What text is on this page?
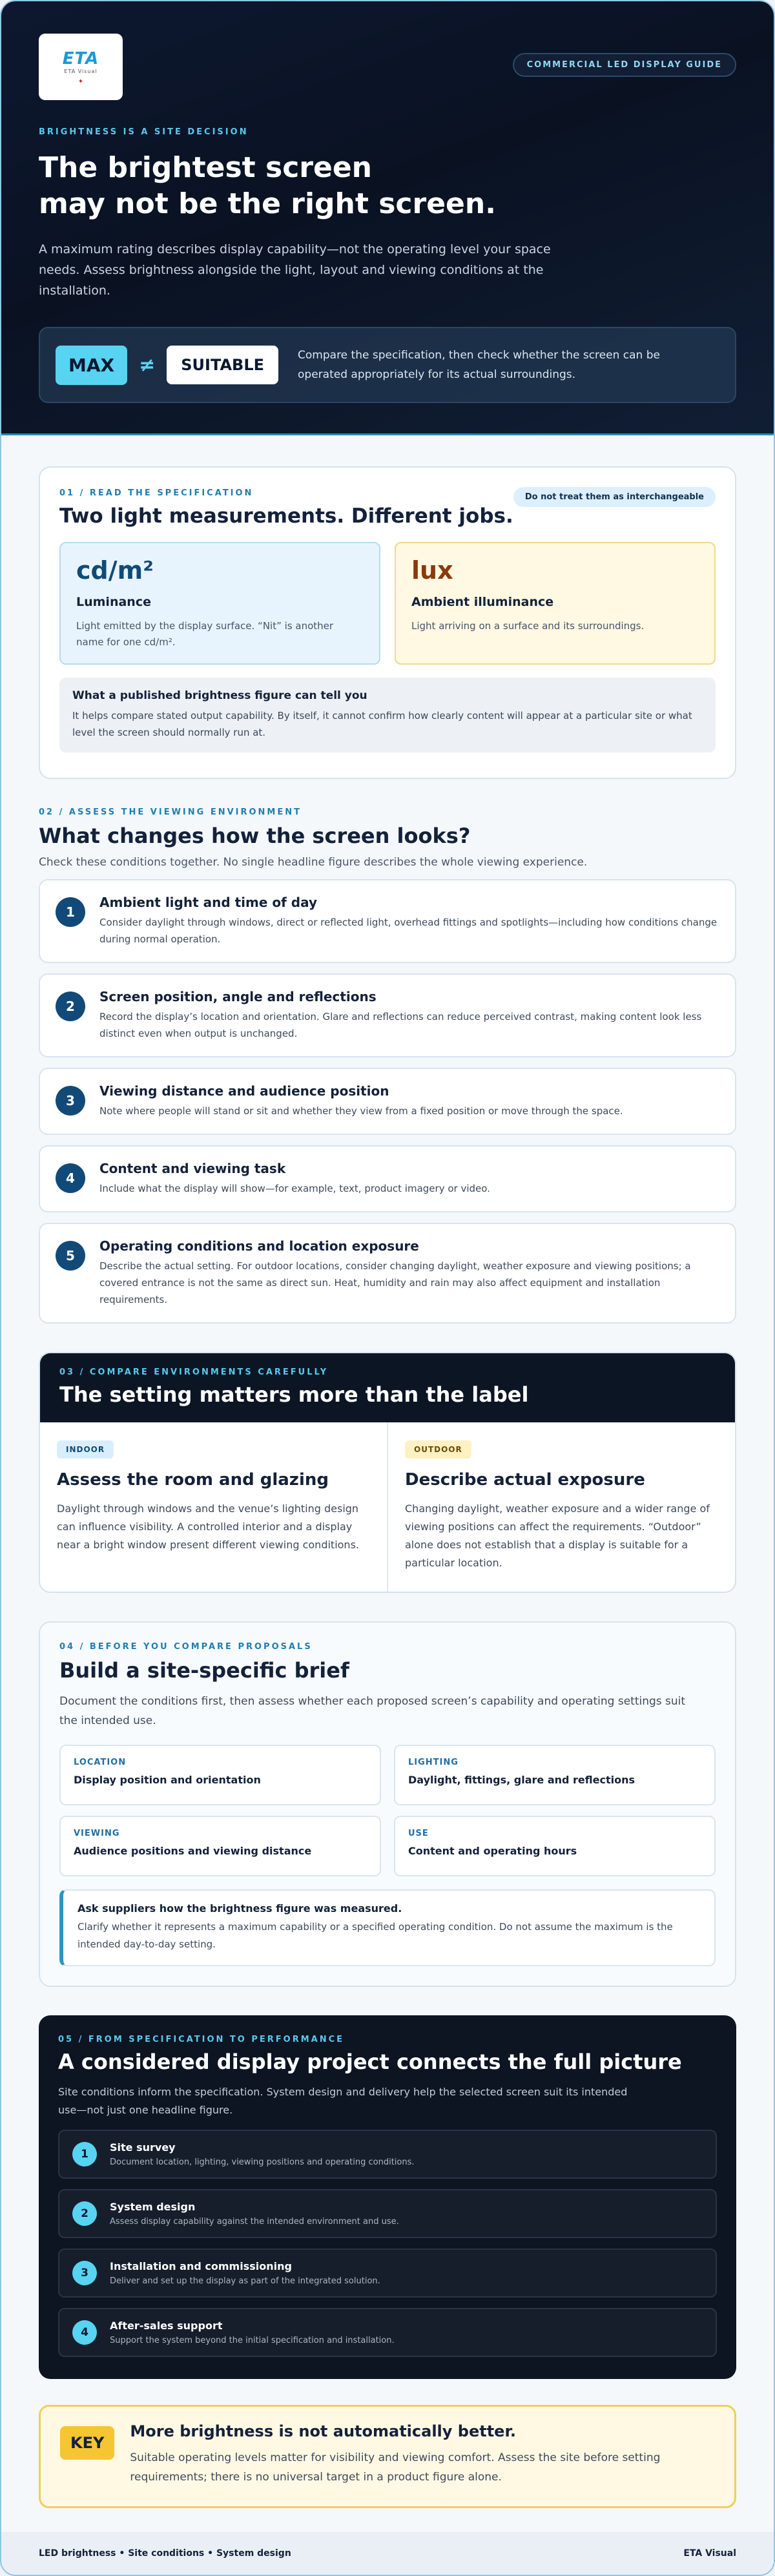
ETA
ETA Visual
✦
COMMERCIAL LED DISPLAY GUIDE
BRIGHTNESS IS A SITE DECISION
The brightest screen
may not be the right screen.

A maximum rating describes display capability—not the operating level your space needs. Assess brightness alongside the light, layout and viewing conditions at the installation.

MAX	≠	SUITABLE
Compare the specification, then check whether the screen can be operated appropriately for its actual surroundings.
01 / READ THE SPECIFICATION
Two light measurements. Different jobs.
Do not treat them as interchangeable
cd/m²
Luminance
Light emitted by the display surface. “Nit” is another name for one cd/m².
lux
Ambient illuminance
Light arriving on a surface and its surroundings.
What a published brightness figure can tell you
It helps compare stated output capability. By itself, it cannot confirm how clearly content will appear at a particular site or what level the screen should normally run at.
02 / ASSESS THE VIEWING ENVIRONMENT
What changes how the screen looks?

Check these conditions together. No single headline figure describes the whole viewing experience.

1
Ambient light and time of day
Consider daylight through windows, direct or reflected light, overhead fittings and spotlights—including how conditions change during normal operation.
2
Screen position, angle and reflections
Record the display’s location and orientation. Glare and reflections can reduce perceived contrast, making content look less distinct even when output is unchanged.
3
Viewing distance and audience position
Note where people will stand or sit and whether they view from a fixed position or move through the space.
4
Content and viewing task
Include what the display will show—for example, text, product imagery or video.
5
Operating conditions and location exposure
Describe the actual setting. For outdoor locations, consider changing daylight, weather exposure and viewing positions; a covered entrance is not the same as direct sun. Heat, humidity and rain may also affect equipment and installation requirements.
03 / COMPARE ENVIRONMENTS CAREFULLY
The setting matters more than the label
INDOOR
Assess the room and glazing
Daylight through windows and the venue’s lighting design can influence visibility. A controlled interior and a display near a bright window present different viewing conditions.
OUTDOOR
Describe actual exposure
Changing daylight, weather exposure and a wider range of viewing positions can affect the requirements. “Outdoor” alone does not establish that a display is suitable for a particular location.
04 / BEFORE YOU COMPARE PROPOSALS
Build a site-specific brief

Document the conditions first, then assess whether each proposed screen’s capability and operating settings suit the intended use.

LOCATION
Display position and orientation
LIGHTING
Daylight, fittings, glare and reflections
VIEWING
Audience positions and viewing distance
USE
Content and operating hours
Ask suppliers how the brightness figure was measured.
Clarify whether it represents a maximum capability or a specified operating condition. Do not assume the maximum is the intended day-to-day setting.
05 / FROM SPECIFICATION TO PERFORMANCE
A considered display project connects the full picture

Site conditions inform the specification. System design and delivery help the selected screen suit its intended use—not just one headline figure.

1
Site survey
Document location, lighting, viewing positions and operating conditions.
2
System design
Assess display capability against the intended environment and use.
3
Installation and commissioning
Deliver and set up the display as part of the integrated solution.
4
After-sales support
Support the system beyond the initial specification and installation.
KEY
More brightness is not automatically better.
Suitable operating levels matter for visibility and viewing comfort. Assess the site before setting requirements; there is no universal target in a product figure alone.
LED brightness • Site conditions • System design	ETA Visual
